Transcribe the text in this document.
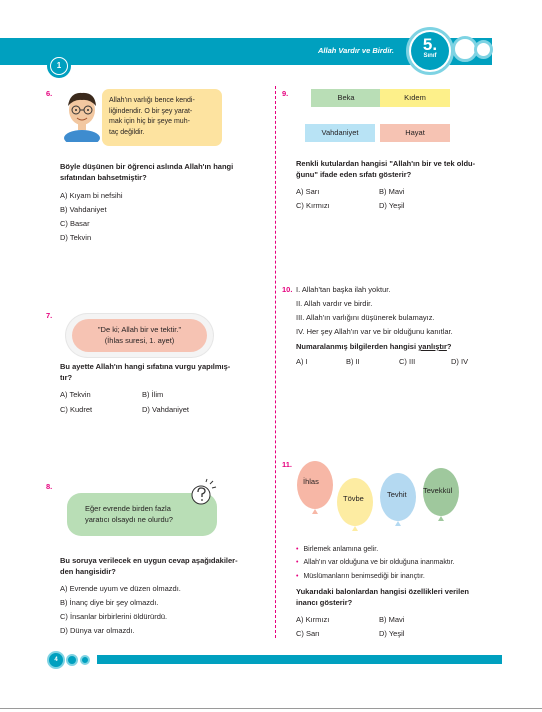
Allah Vardır ve Birdir.	5.
Sınıf
1
6.
Allah'ın varlığı bence kendi-
liğindendir. O bir şey yarat-
mak için hiç bir şeye muh-
taç değildir.
Böyle düşünen bir öğrenci aslında Allah'ın hangi
sıfatından bahsetmiştir?
A) Kıyam bi nefsihi
B) Vahdaniyet
C) Basar
D) Tekvin
7.
"De ki; Allah bir ve tektir."
(İhlas suresi, 1. ayet)
Bu ayette Allah'ın hangi sıfatına vurgu yapılmış-
tır?
A) Tekvin	B) İlim
C) Kudret	D) Vahdaniyet
8.
Eğer evrende birden fazla
yaratıcı olsaydı ne olurdu?
Bu soruya verilecek en uygun cevap aşağıdakiler-
den hangisidir?
A) Evrende uyum ve düzen olmazdı.
B) İnanç diye bir şey olmazdı.
C) İnsanlar birbirlerini öldürürdü.
D) Dünya var olmazdı.
9.	Beka	Kıdem
Vahdaniyet	Hayat
Renkli kutulardan hangisi "Allah'ın bir ve tek oldu-
ğunu" ifade eden sıfatı gösterir?
A) Sarı	B) Mavi
C) Kırmızı	D) Yeşil
10. I. Allah'tan başka ilah yoktur.
II. Allah vardır ve birdir.
III. Allah'ın varlığını düşünerek bulamayız.
IV. Her şey Allah'ın var ve bir olduğunu kanıtlar.
Numaralanmış bilgilerden hangisi yanlıştır?
A) I	B) II	C) III	D) IV
11.
İhlas
Tövbe	Tevhit Tevekkül
• Birlemek anlamına gelir.
• Allah'ın var olduğuna ve bir olduğuna inanmaktır.
• Müslümanların benimsediği bir inançtır.
Yukarıdaki balonlardan hangisi özellikleri verilen
inancı gösterir?
A) Kırmızı	B) Mavi
C) Sarı	D) Yeşil
4
